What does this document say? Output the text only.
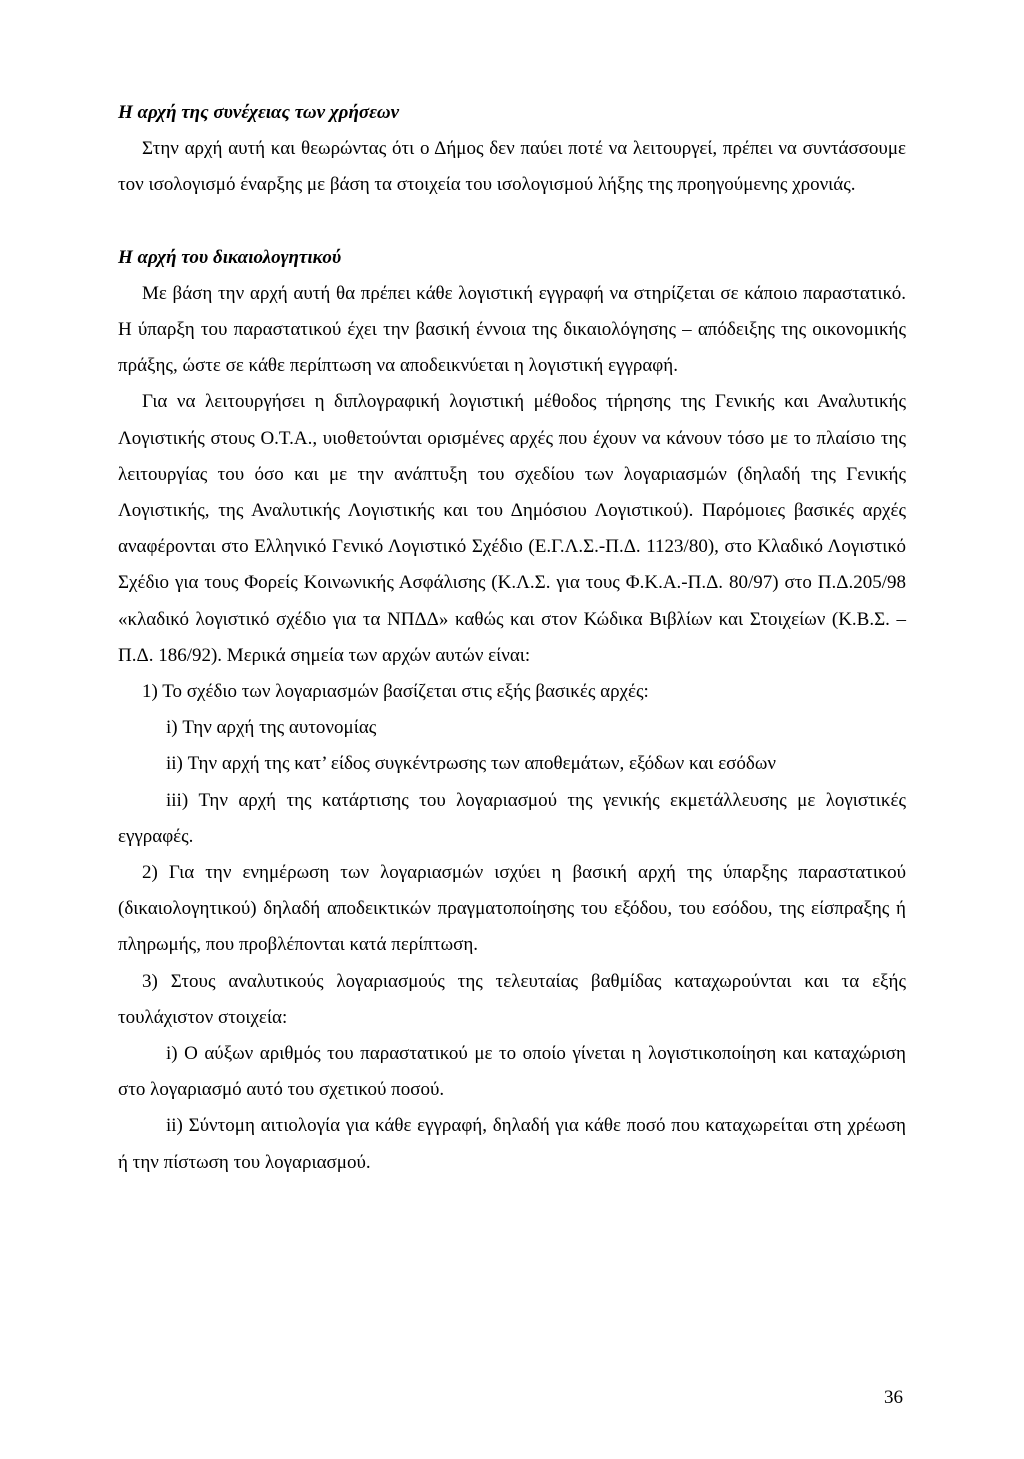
Η αρχή της συνέχειας των χρήσεων

Στην αρχή αυτή και θεωρώντας ότι ο Δήμος δεν παύει ποτέ να λειτουργεί, πρέπει να συντάσσουμε τον ισολογισμό έναρξης με βάση τα στοιχεία του ισολογισμού λήξης της προηγούμενης χρονιάς.

Η αρχή του δικαιολογητικού

Με βάση την αρχή αυτή θα πρέπει κάθε λογιστική εγγραφή να στηρίζεται σε κάποιο παραστατικό. Η ύπαρξη του παραστατικού έχει την βασική έννοια της δικαιολόγησης – απόδειξης της οικονομικής πράξης, ώστε σε κάθε περίπτωση να αποδεικνύεται η λογιστική εγγραφή.

Για να λειτουργήσει η διπλογραφική λογιστική μέθοδος τήρησης της Γενικής και Αναλυτικής Λογιστικής στους Ο.Τ.Α., υιοθετούνται ορισμένες αρχές που έχουν να κάνουν τόσο με το πλαίσιο της λειτουργίας του όσο και με την ανάπτυξη του σχεδίου των λογαριασμών (δηλαδή της Γενικής Λογιστικής, της Αναλυτικής Λογιστικής και του Δημόσιου Λογιστικού). Παρόμοιες βασικές αρχές αναφέρονται στο Ελληνικό Γενικό Λογιστικό Σχέδιο (Ε.Γ.Λ.Σ.-Π.Δ. 1123/80), στο Κλαδικό Λογιστικό Σχέδιο για τους Φορείς Κοινωνικής Ασφάλισης (Κ.Λ.Σ. για τους Φ.Κ.Α.-Π.Δ. 80/97) στο Π.Δ.205/98 «κλαδικό λογιστικό σχέδιο για τα ΝΠΔΔ» καθώς και στον Κώδικα Βιβλίων και Στοιχείων (Κ.Β.Σ. –Π.Δ. 186/92). Μερικά σημεία των αρχών αυτών είναι:

1) Το σχέδιο των λογαριασμών βασίζεται στις εξής βασικές αρχές:

i) Την αρχή της αυτονομίας

ii) Την αρχή της κατ’ είδος συγκέντρωσης των αποθεμάτων, εξόδων και εσόδων

iii) Την αρχή της κατάρτισης του λογαριασμού της γενικής εκμετάλλευσης με λογιστικές εγγραφές.

2) Για την ενημέρωση των λογαριασμών ισχύει η βασική αρχή της ύπαρξης παραστατικού (δικαιολογητικού) δηλαδή αποδεικτικών πραγματοποίησης του εξόδου, του εσόδου, της είσπραξης ή πληρωμής, που προβλέπονται κατά περίπτωση.

3) Στους αναλυτικούς λογαριασμούς της τελευταίας βαθμίδας καταχωρούνται και τα εξής τουλάχιστον στοιχεία:

i) Ο αύξων αριθμός του παραστατικού με το οποίο γίνεται η λογιστικοποίηση και καταχώριση στο λογαριασμό αυτό του σχετικού ποσού.

ii) Σύντομη αιτιολογία για κάθε εγγραφή, δηλαδή για κάθε ποσό που καταχωρείται στη χρέωση ή την πίστωση του λογαριασμού.

36
